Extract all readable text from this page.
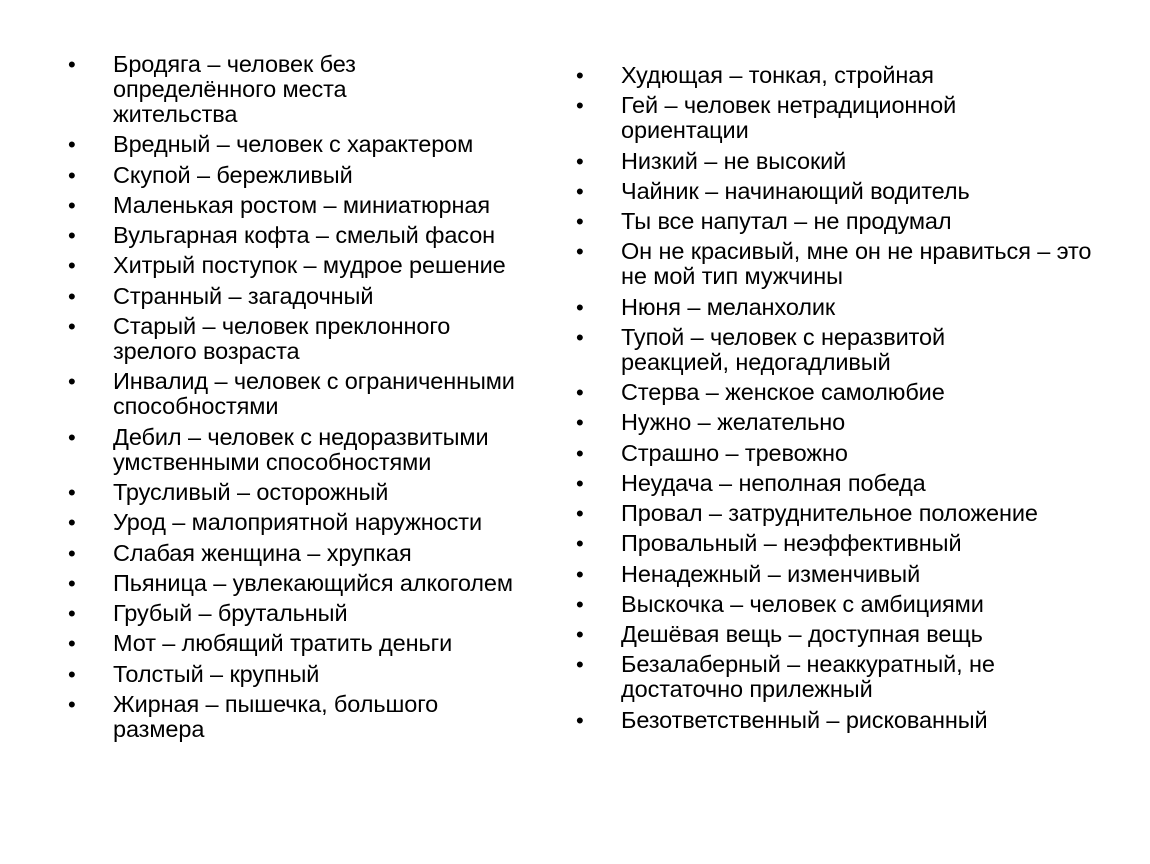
•	Бродяга – человек без определённого места жительства
•	Вредный – человек с характером
•	Скупой – бережливый
•	Маленькая ростом – миниатюрная
•	Вульгарная кофта – смелый фасон
•	Хитрый поступок – мудрое решение
•	Странный – загадочный
•	Старый – человек преклонного зрелого возраста
•	Инвалид – человек с ограниченными способностями
•	Дебил – человек с недоразвитыми умственными способностями
•	Трусливый – осторожный
•	Урод – малоприятной наружности
•	Слабая женщина – хрупкая
•	Пьяница – увлекающийся алкоголем
•	Грубый – брутальный
•	Мот – любящий тратить деньги
•	Толстый – крупный
•	Жирная – пышечка, большого размера
•	Худющая – тонкая, стройная
•	Гей – человек нетрадиционной ориентации
•	Низкий – не высокий
•	Чайник – начинающий водитель
•	Ты все напутал – не продумал
•	Он не красивый, мне он не нравиться – это не мой тип мужчины
•	Нюня – меланхолик
•	Тупой – человек с неразвитой реакцией, недогадливый
•	Стерва – женское самолюбие
•	Нужно – желательно
•	Страшно – тревожно
•	Неудача – неполная победа
•	Провал – затруднительное положение
•	Провальный – неэффективный
•	Ненадежный – изменчивый
•	Выскочка – человек с амбициями
•	Дешёвая вещь – доступная вещь
•	Безалаберный – неаккуратный, не достаточно прилежный
•	Безответственный – рискованный
